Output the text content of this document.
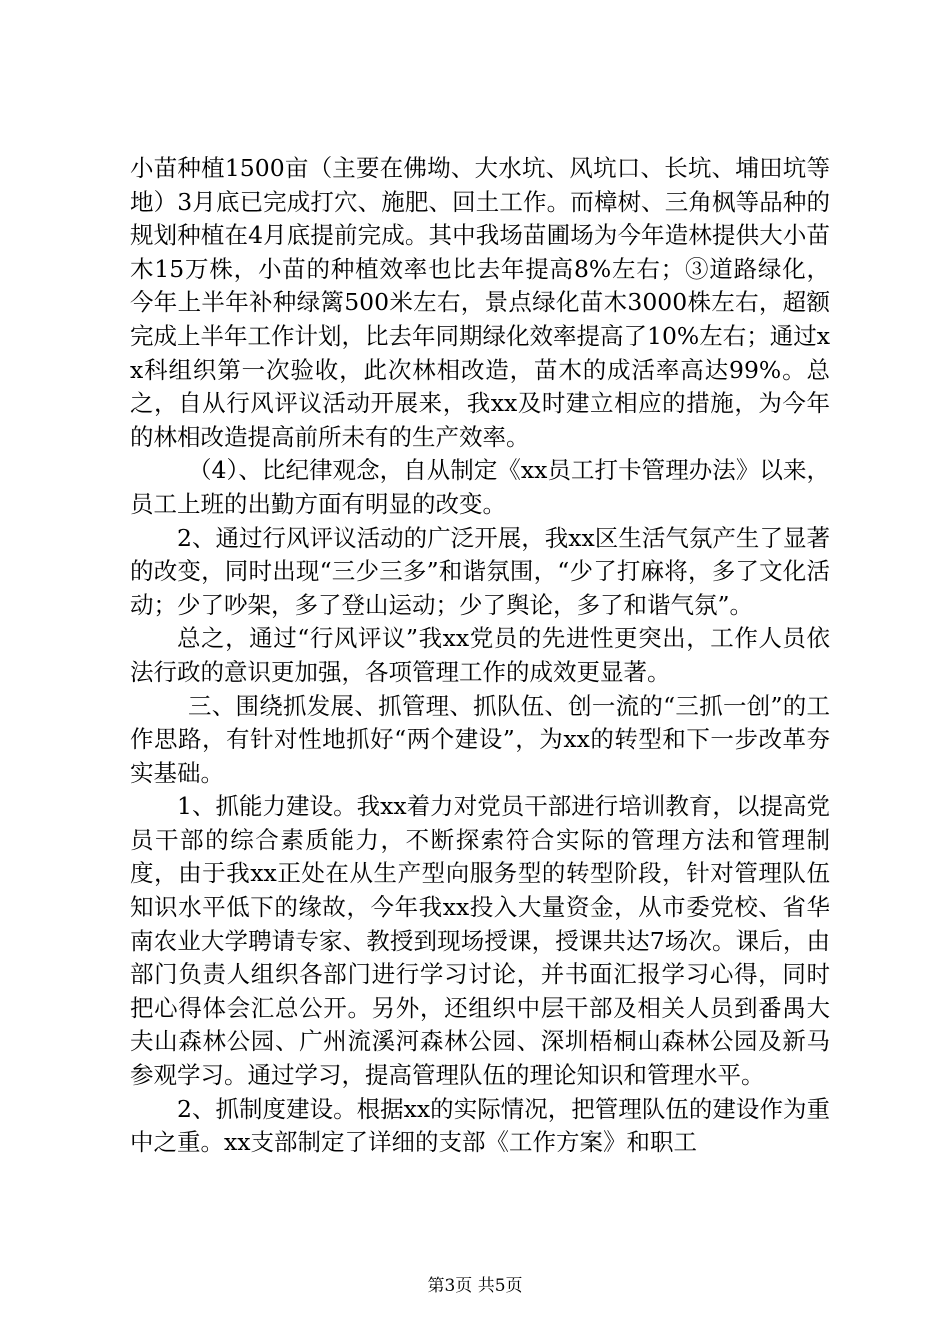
小苗种植1500亩（主要在佛坳、大水坑、风坑口、长坑、埔田坑等地）3月底已完成打穴、施肥、回土工作。而樟树、三角枫等品种的规划种植在4月底提前完成。其中我场苗圃场为今年造林提供大小苗木15万株，小苗的种植效率也比去年提高8%左右；③道路绿化，今年上半年补种绿篱500米左右，景点绿化苗木3000株左右，超额完成上半年工作计划，比去年同期绿化效率提高了10%左右；通过xx科组织第一次验收，此次林相改造，苗木的成活率高达99%。总之，自从行风评议活动开展来，我xx及时建立相应的措施，为今年的林相改造提高前所未有的生产效率。

（4）、比纪律观念，自从制定《xx员工打卡管理办法》以来，员工上班的出勤方面有明显的改变。

2、通过行风评议活动的广泛开展，我xx区生活气氛产生了显著的改变，同时出现“三少三多”和谐氛围，“少了打麻将，多了文化活动；少了吵架，多了登山运动；少了舆论，多了和谐气氛”。

总之，通过“行风评议”我xx党员的先进性更突出，工作人员依法行政的意识更加强，各项管理工作的成效更显著。

三、围绕抓发展、抓管理、抓队伍、创一流的“三抓一创”的工作思路，有针对性地抓好“两个建设”，为xx的转型和下一步改革夯实基础。

1、抓能力建设。我xx着力对党员干部进行培训教育，以提高党员干部的综合素质能力，不断探索符合实际的管理方法和管理制度，由于我xx正处在从生产型向服务型的转型阶段，针对管理队伍知识水平低下的缘故，今年我xx投入大量资金，从市委党校、省华南农业大学聘请专家、教授到现场授课，授课共达7场次。课后，由部门负责人组织各部门进行学习讨论，并书面汇报学习心得，同时把心得体会汇总公开。另外，还组织中层干部及相关人员到番禺大夫山森林公园、广州流溪河森林公园、深圳梧桐山森林公园及新马参观学习。通过学习，提高管理队伍的理论知识和管理水平。

2、抓制度建设。根据xx的实际情况，把管理队伍的建设作为重中之重。xx支部制定了详细的支部《工作方案》和职工

第3页 共5页
